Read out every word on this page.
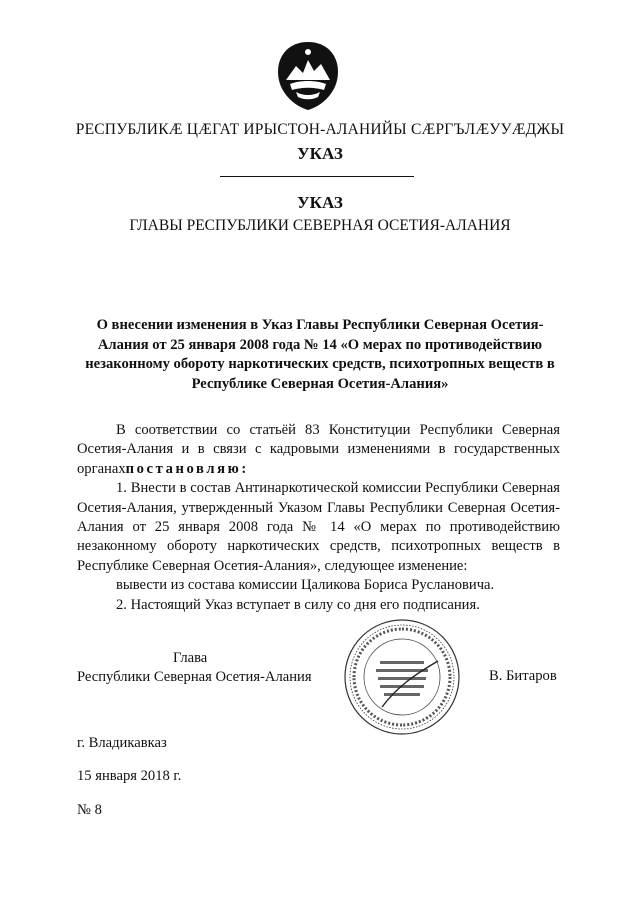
РЕСПУБЛИКӔ ЦӔГАТ ИРЫСТОН-АЛАНИЙЫ СӔРГЪЛӔУУӔДЖЫ
УКАЗ
УКАЗ
ГЛАВЫ РЕСПУБЛИКИ СЕВЕРНАЯ ОСЕТИЯ-АЛАНИЯ
О внесении изменения в Указ Главы Республики Северная Осетия-
Алания от 25 января 2008 года № 14 «О мерах по противодействию
незаконному обороту наркотических средств, психотропных веществ в
Республике Северная Осетия-Алания»

В соответствии со статьёй 83 Конституции Республики Северная Осетия-Алания и в связи с кадровыми изменениями в государственных органахпостановляю:

1. Внести в состав Антинаркотической комиссии Республики Северная Осетия-Алания, утвержденный Указом Главы Республики Северная Осетия-Алания от 25 января 2008 года № 14 «О мерах по противодействию незаконному обороту наркотических средств, психотропных веществ в Республике Северная Осетия-Алания», следующее изменение:

вывести из состава комиссии Цаликова Бориса Руслановича.

2. Настоящий Указ вступает в силу со дня его подписания.

Глава
Республики Северная Осетия-Алания	В. Битаров
г. Владикавказ
15 января 2018 г.
№ 8
